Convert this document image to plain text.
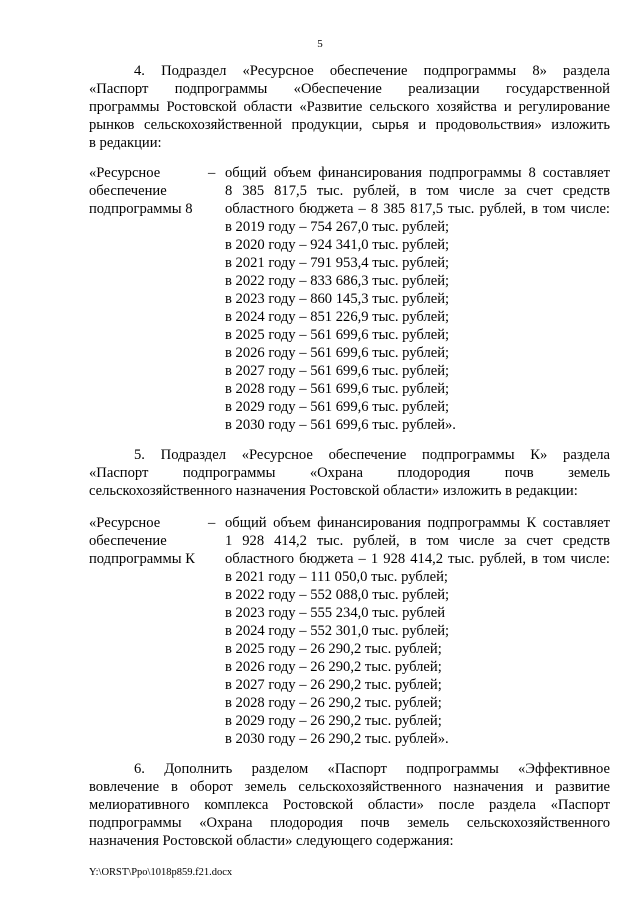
5
4. Подраздел «Ресурсное обеспечение подпрограммы 8» раздела
«Паспорт подпрограммы «Обеспечение реализации государственной
программы Ростовской области «Развитие сельского хозяйства и регулирование
рынков сельскохозяйственной продукции, сырья и продовольствия» изложить
в редакции:
«Ресурсное	– общий объем финансирования подпрограммы 8 составляет
обеспечение	8 385 817,5 тыс. рублей, в том числе за счет средств
подпрограммы 8	областного бюджета – 8 385 817,5 тыс. рублей, в том числе:
в 2019 году – 754 267,0 тыс. рублей;
в 2020 году – 924 341,0 тыс. рублей;
в 2021 году – 791 953,4 тыс. рублей;
в 2022 году – 833 686,3 тыс. рублей;
в 2023 году – 860 145,3 тыс. рублей;
в 2024 году – 851 226,9 тыс. рублей;
в 2025 году – 561 699,6 тыс. рублей;
в 2026 году – 561 699,6 тыс. рублей;
в 2027 году – 561 699,6 тыс. рублей;
в 2028 году – 561 699,6 тыс. рублей;
в 2029 году – 561 699,6 тыс. рублей;
в 2030 году – 561 699,6 тыс. рублей».
5. Подраздел «Ресурсное обеспечение подпрограммы К» раздела
«Паспорт подпрограммы «Охрана плодородия почв земель
сельскохозяйственного назначения Ростовской области» изложить в редакции:
«Ресурсное	– общий объем финансирования подпрограммы К составляет
обеспечение	1 928 414,2 тыс. рублей, в том числе за счет средств
подпрограммы К	областного бюджета – 1 928 414,2 тыс. рублей, в том числе:
в 2021 году – 111 050,0 тыс. рублей;
в 2022 году – 552 088,0 тыс. рублей;
в 2023 году – 555 234,0 тыс. рублей
в 2024 году – 552 301,0 тыс. рублей;
в 2025 году – 26 290,2 тыс. рублей;
в 2026 году – 26 290,2 тыс. рублей;
в 2027 году – 26 290,2 тыс. рублей;
в 2028 году – 26 290,2 тыс. рублей;
в 2029 году – 26 290,2 тыс. рублей;
в 2030 году – 26 290,2 тыс. рублей».
6. Дополнить разделом «Паспорт подпрограммы «Эффективное
вовлечение в оборот земель сельскохозяйственного назначения и развитие
мелиоративного комплекса Ростовской области» после раздела «Паспорт
подпрограммы «Охрана плодородия почв земель сельскохозяйственного
назначения Ростовской области» следующего содержания:
Y:\ORST\Ppo\1018p859.f21.docx
